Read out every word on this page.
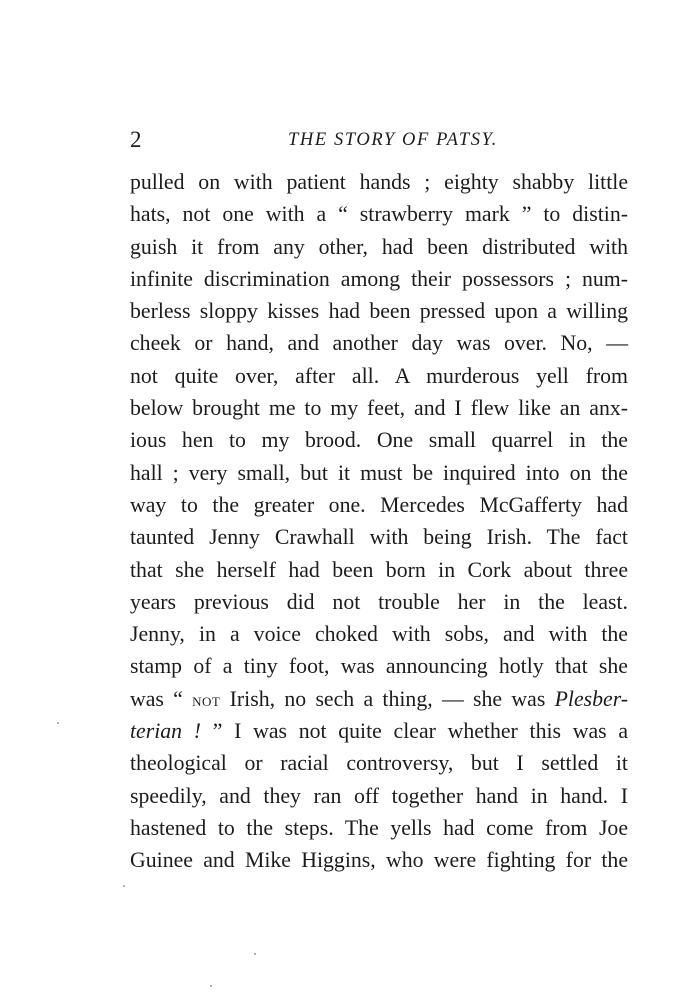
2	THE STORY OF PATSY.
pulled on with patient hands ; eighty shabby little
hats, not one with a “ strawberry mark ” to distin-
guish it from any other, had been distributed with
infinite discrimination among their possessors ; num-
berless sloppy kisses had been pressed upon a willing
cheek or hand, and another day was over. No, —
not quite over, after all. A murderous yell from
below brought me to my feet, and I flew like an anx-
ious hen to my brood. One small quarrel in the
hall ; very small, but it must be inquired into on the
way to the greater one. Mercedes McGafferty had
taunted Jenny Crawhall with being Irish. The fact
that she herself had been born in Cork about three
years previous did not trouble her in the least.
Jenny, in a voice choked with sobs, and with the
stamp of a tiny foot, was announcing hotly that she
was “ not Irish, no sech a thing, — she was Plesber-
terian ! ” I was not quite clear whether this was a
theological or racial controversy, but I settled it
speedily, and they ran off together hand in hand. I
hastened to the steps. The yells had come from Joe
Guinee and Mike Higgins, who were fighting for the
